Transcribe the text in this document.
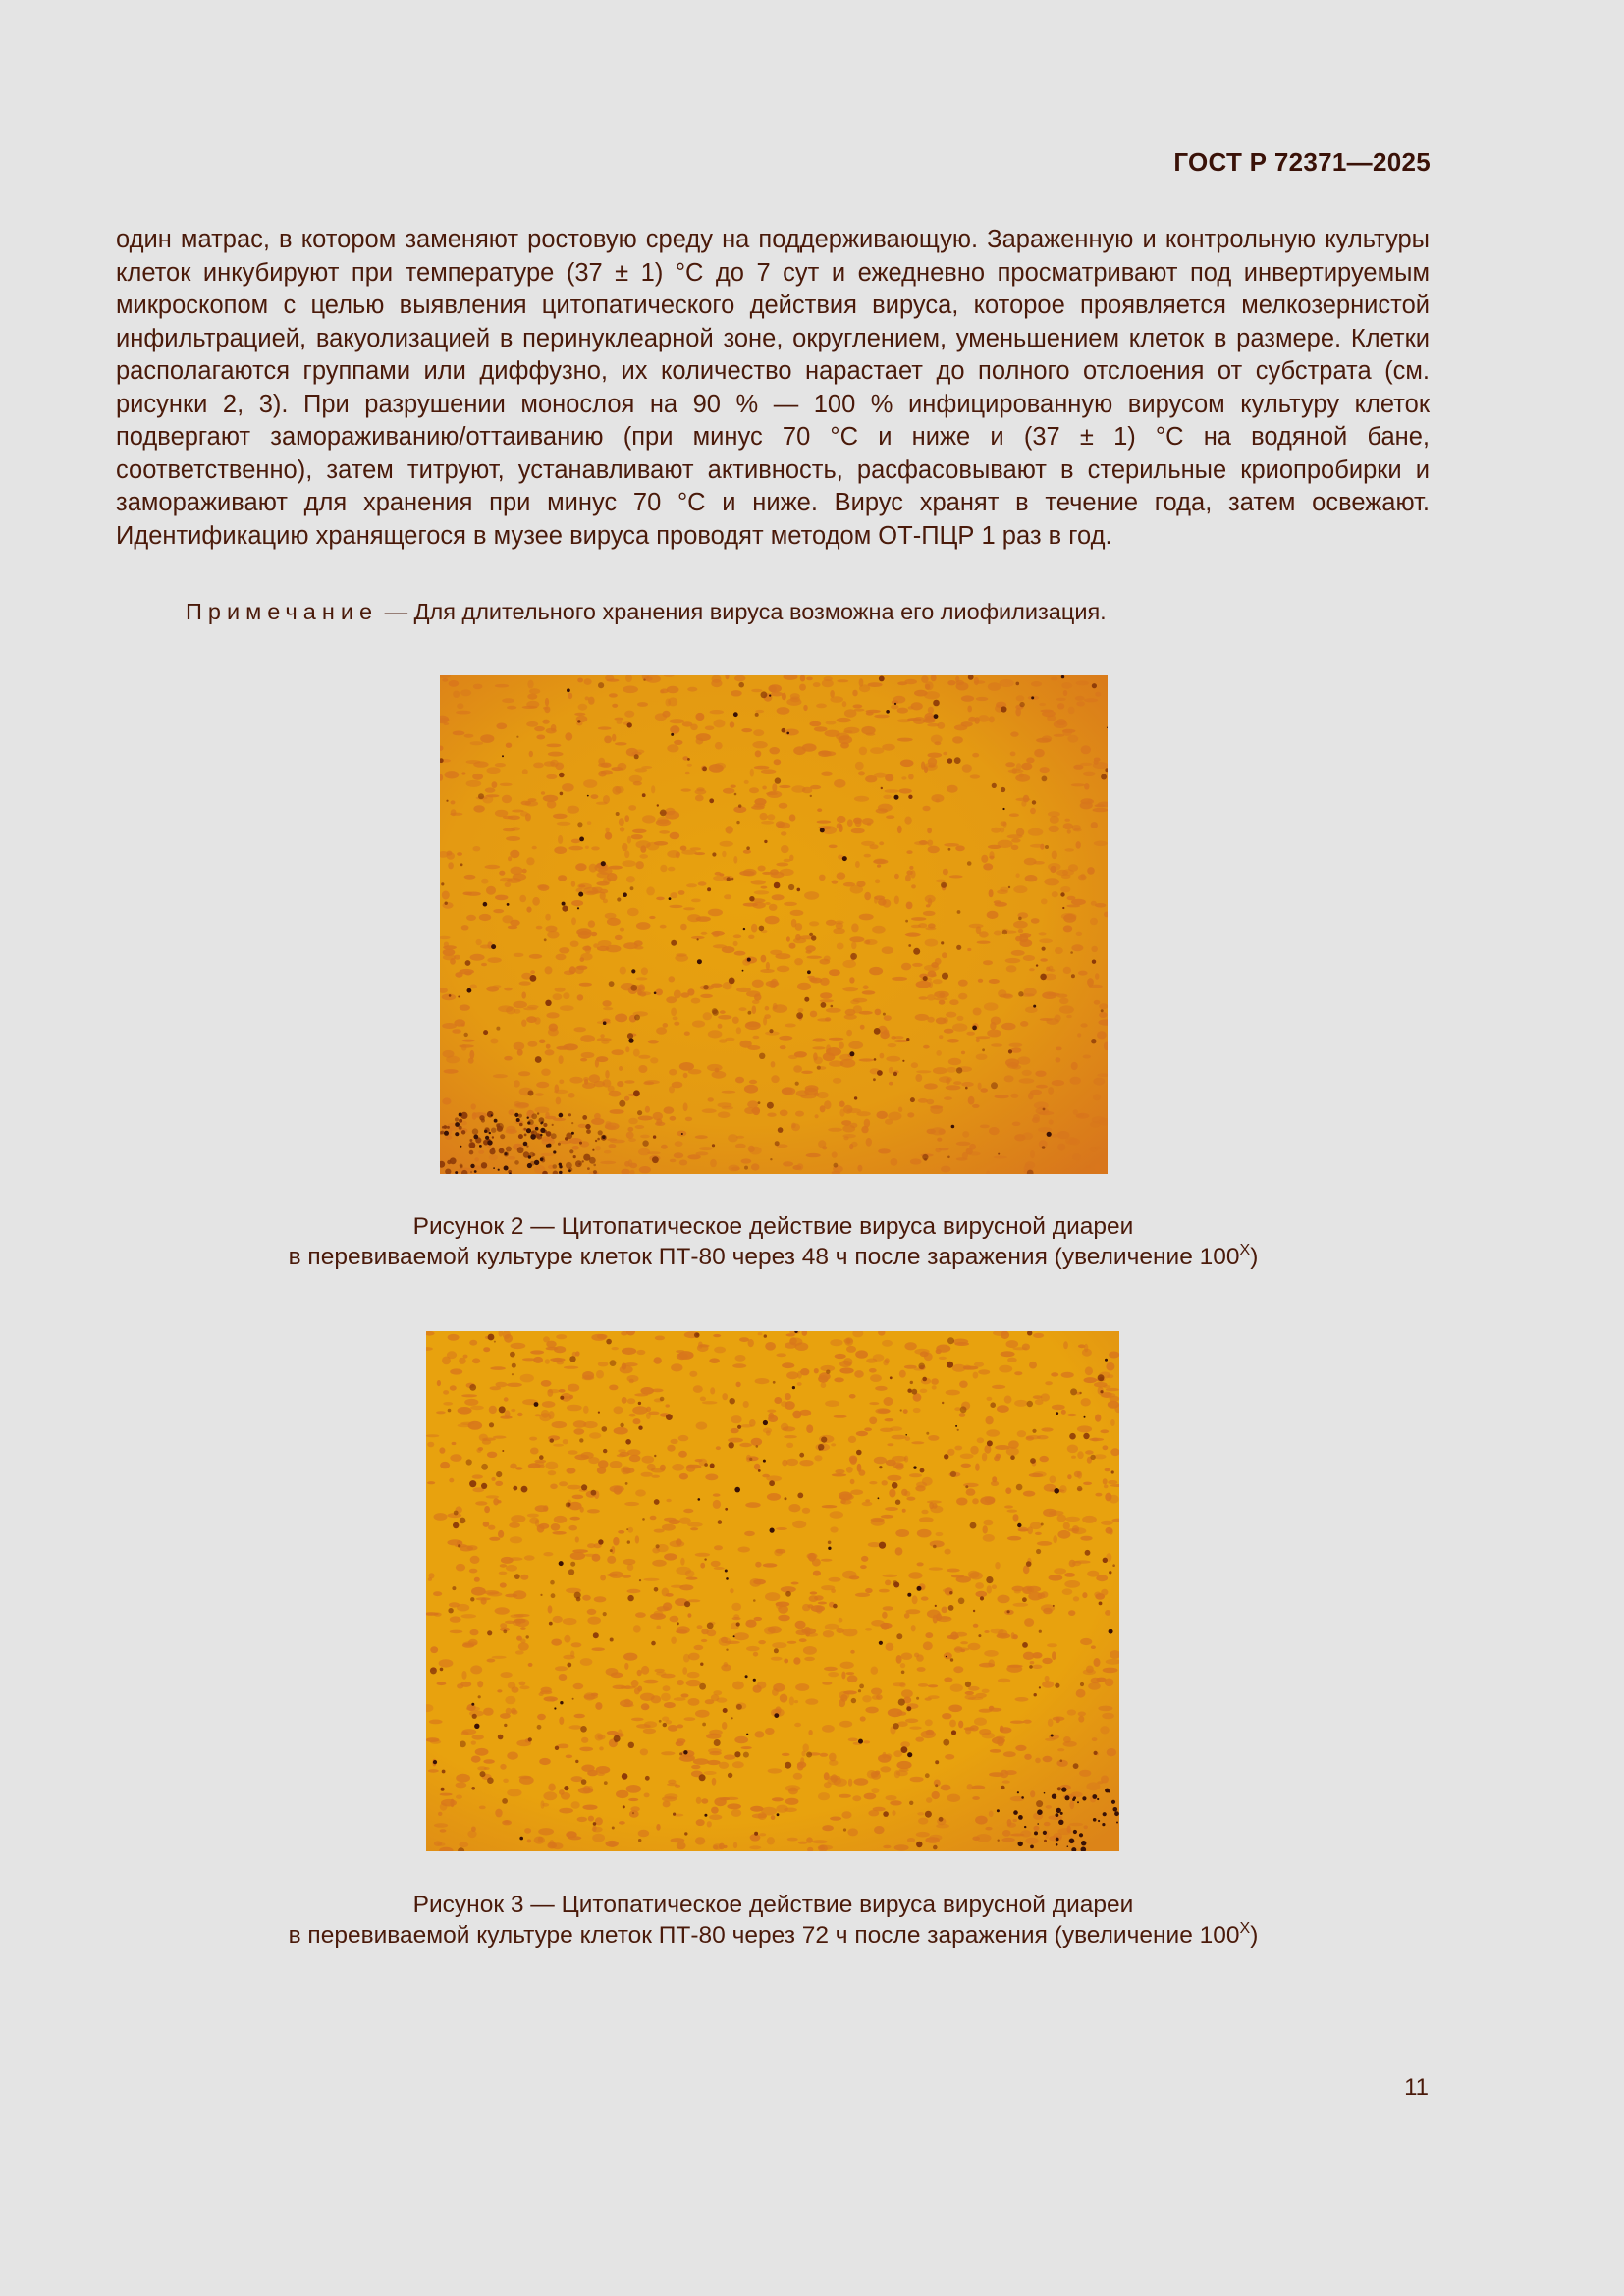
ГОСТ Р 72371—2025

один матрас, в котором заменяют ростовую среду на поддерживающую. Зараженную и контрольную культуры клеток инкубируют при температуре (37 ± 1) °С до 7 сут и ежедневно просматривают под инвертируемым микроскопом с целью выявления цитопатического действия вируса, которое проявляется мелкозернистой инфильтрацией, вакуолизацией в перинуклеарной зоне, округлением, уменьшением клеток в размере. Клетки располагаются группами или диффузно, их количество нарастает до полного отслоения от субстрата (см. рисунки 2, 3). При разрушении монослоя на 90 % — 100 % инфицированную вирусом культуру клеток подвергают замораживанию/оттаиванию (при минус 70 °С и ниже и (37 ± 1) °С на водяной бане, соответственно), затем титруют, устанавливают активность, расфасовывают в стерильные криопробирки и замораживают для хранения при минус 70 °С и ниже. Вирус хранят в течение года, затем освежают. Идентификацию хранящегося в музее вируса проводят методом ОТ-ПЦР 1 раз в год.

Примечание — Для длительного хранения вируса возможна его лиофилизация.
Рисунок 2 — Цитопатическое действие вируса вирусной диареи
в перевиваемой культуре клеток ПТ-80 через 48 ч после заражения (увеличение $100^Х$)
Рисунок 3 — Цитопатическое действие вируса вирусной диареи
в перевиваемой культуре клеток ПТ-80 через 72 ч после заражения (увеличение $100^Х$)
11
